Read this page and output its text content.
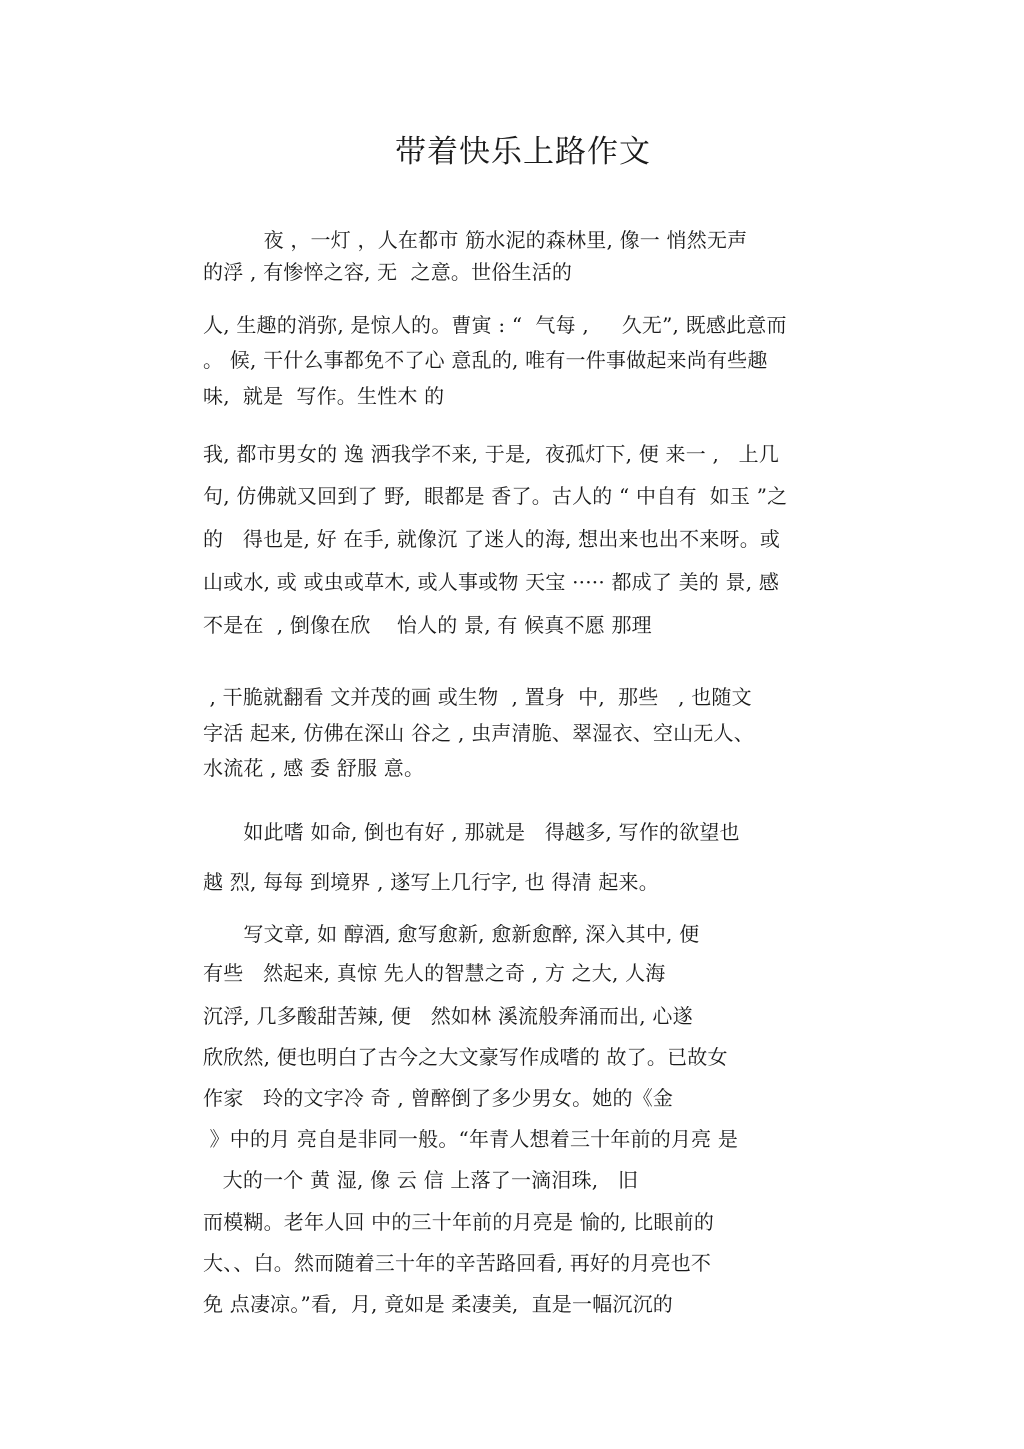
带着快乐上路作文
　　　夜 ，一灯 ，人在都市 筋水泥的森林里, 像一 悄然无声
的浮 , 有惨悴之容, 无  之意。世俗生活的
人, 生趣的消弥, 是惊人的。曹寅 : “  气每 ,     久无”, 既感此意而
。 候, 干什么事都免不了心 意乱的, 唯有一件事做起来尚有些趣
味,  就是  写作。生性木 的
我, 都市男女的 逸 洒我学不来, 于是,  夜孤灯下, 便 来一 ,   上几
句, 仿佛就又回到了 野,  眼都是 香了。古人的 “ 中自有  如玉 ”之
的   得也是, 好 在手, 就像沉 了迷人的海, 想出来也出不来呀。或
山或水, 或 或虫或草木, 或人事或物 天宝 ····· 都成了 美的 景, 感
不是在  , 倒像在欣    怡人的 景, 有 候真不愿 那理
, 干脆就翻看 文并茂的画 或生物  , 置身  中,  那些   , 也随文
字活 起来, 仿佛在深山 谷之 , 虫声清脆、翠湿衣、空山无人、
水流花 , 感 委 舒服 意。
　　如此嗜 如命, 倒也有好 , 那就是   得越多, 写作的欲望也
越 烈, 每每 到境界 , 遂写上几行字, 也 得清 起来。
　　写文章, 如 醇酒, 愈写愈新, 愈新愈醉, 深入其中, 便
有些   然起来, 真惊 先人的智慧之奇 , 方 之大, 人海
沉浮, 几多酸甜苦辣, 便   然如林 溪流般奔涌而出, 心遂
欣欣然, 便也明白了古今之大文豪写作成嗜的 故了。已故女
作家   玲的文字冷 奇 , 曾醉倒了多少男女。她的《金
》中的月 亮自是非同一般。“年青人想着三十年前的月亮 是
大的一个 黄 湿, 像 云 信 上落了一滴泪珠,   旧
而模糊。老年人回 中的三十年前的月亮是 愉的, 比眼前的
大、、白。然而随着三十年的辛苦路回看, 再好的月亮也不
免 点凄凉。”看,  月, 竟如是 柔凄美,  直是一幅沉沉的
